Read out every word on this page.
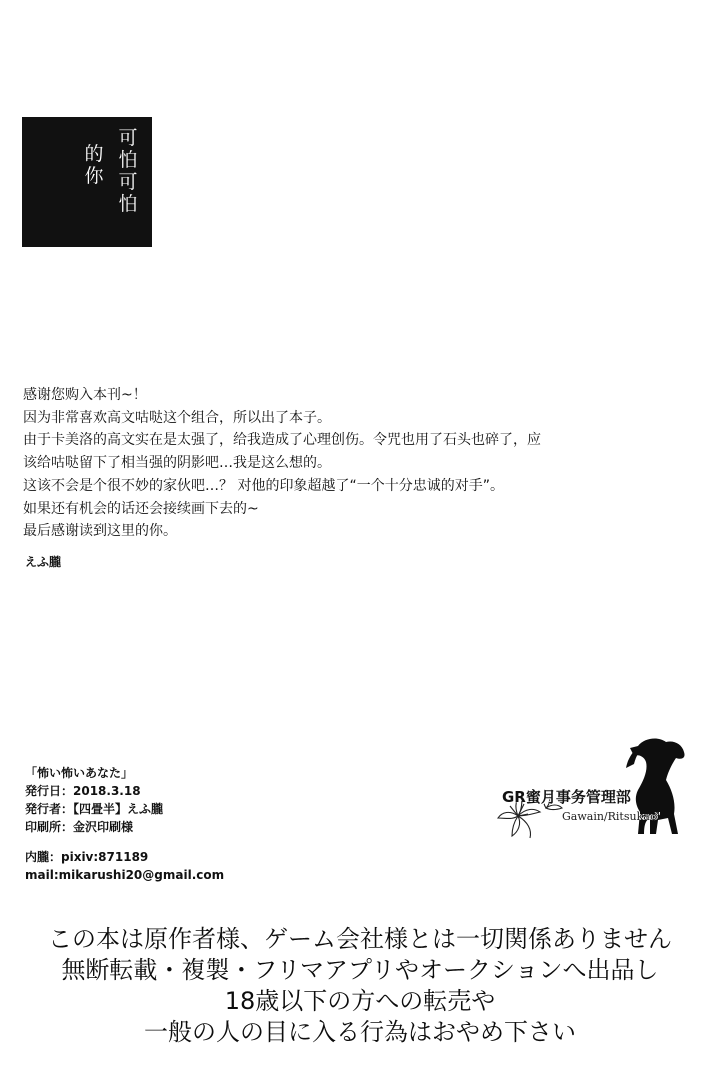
可怕可怕
的你
感谢您购入本刊~！
因为非常喜欢高文咕哒这个组合，所以出了本子。
由于卡美洛的高文实在是太强了，给我造成了心理创伤。令咒也用了石头也碎了，应
该给咕哒留下了相当强的阴影吧…我是这么想的。
这该不会是个很不妙的家伙吧…？ 对他的印象超越了“一个十分忠诚的对手”。
如果还有机会的话还会接续画下去的~
最后感谢读到这里的你。
えふ朧
「怖い怖いあなた」
発行日：2018.3.18
発行者：【四畳半】えふ朧
印刷所：金沢印刷様
内朧：pixiv:871189
mail:mikarushi20@gmail.com
GR蜜月事务管理部
Gawain/Ritsuka♂
この本は原作者様、ゲーム会社様とは一切関係ありません
無断転載・複製・フリマアプリやオークションへ出品し
18歳以下の方への転売や
一般の人の目に入る行為はおやめ下さい
